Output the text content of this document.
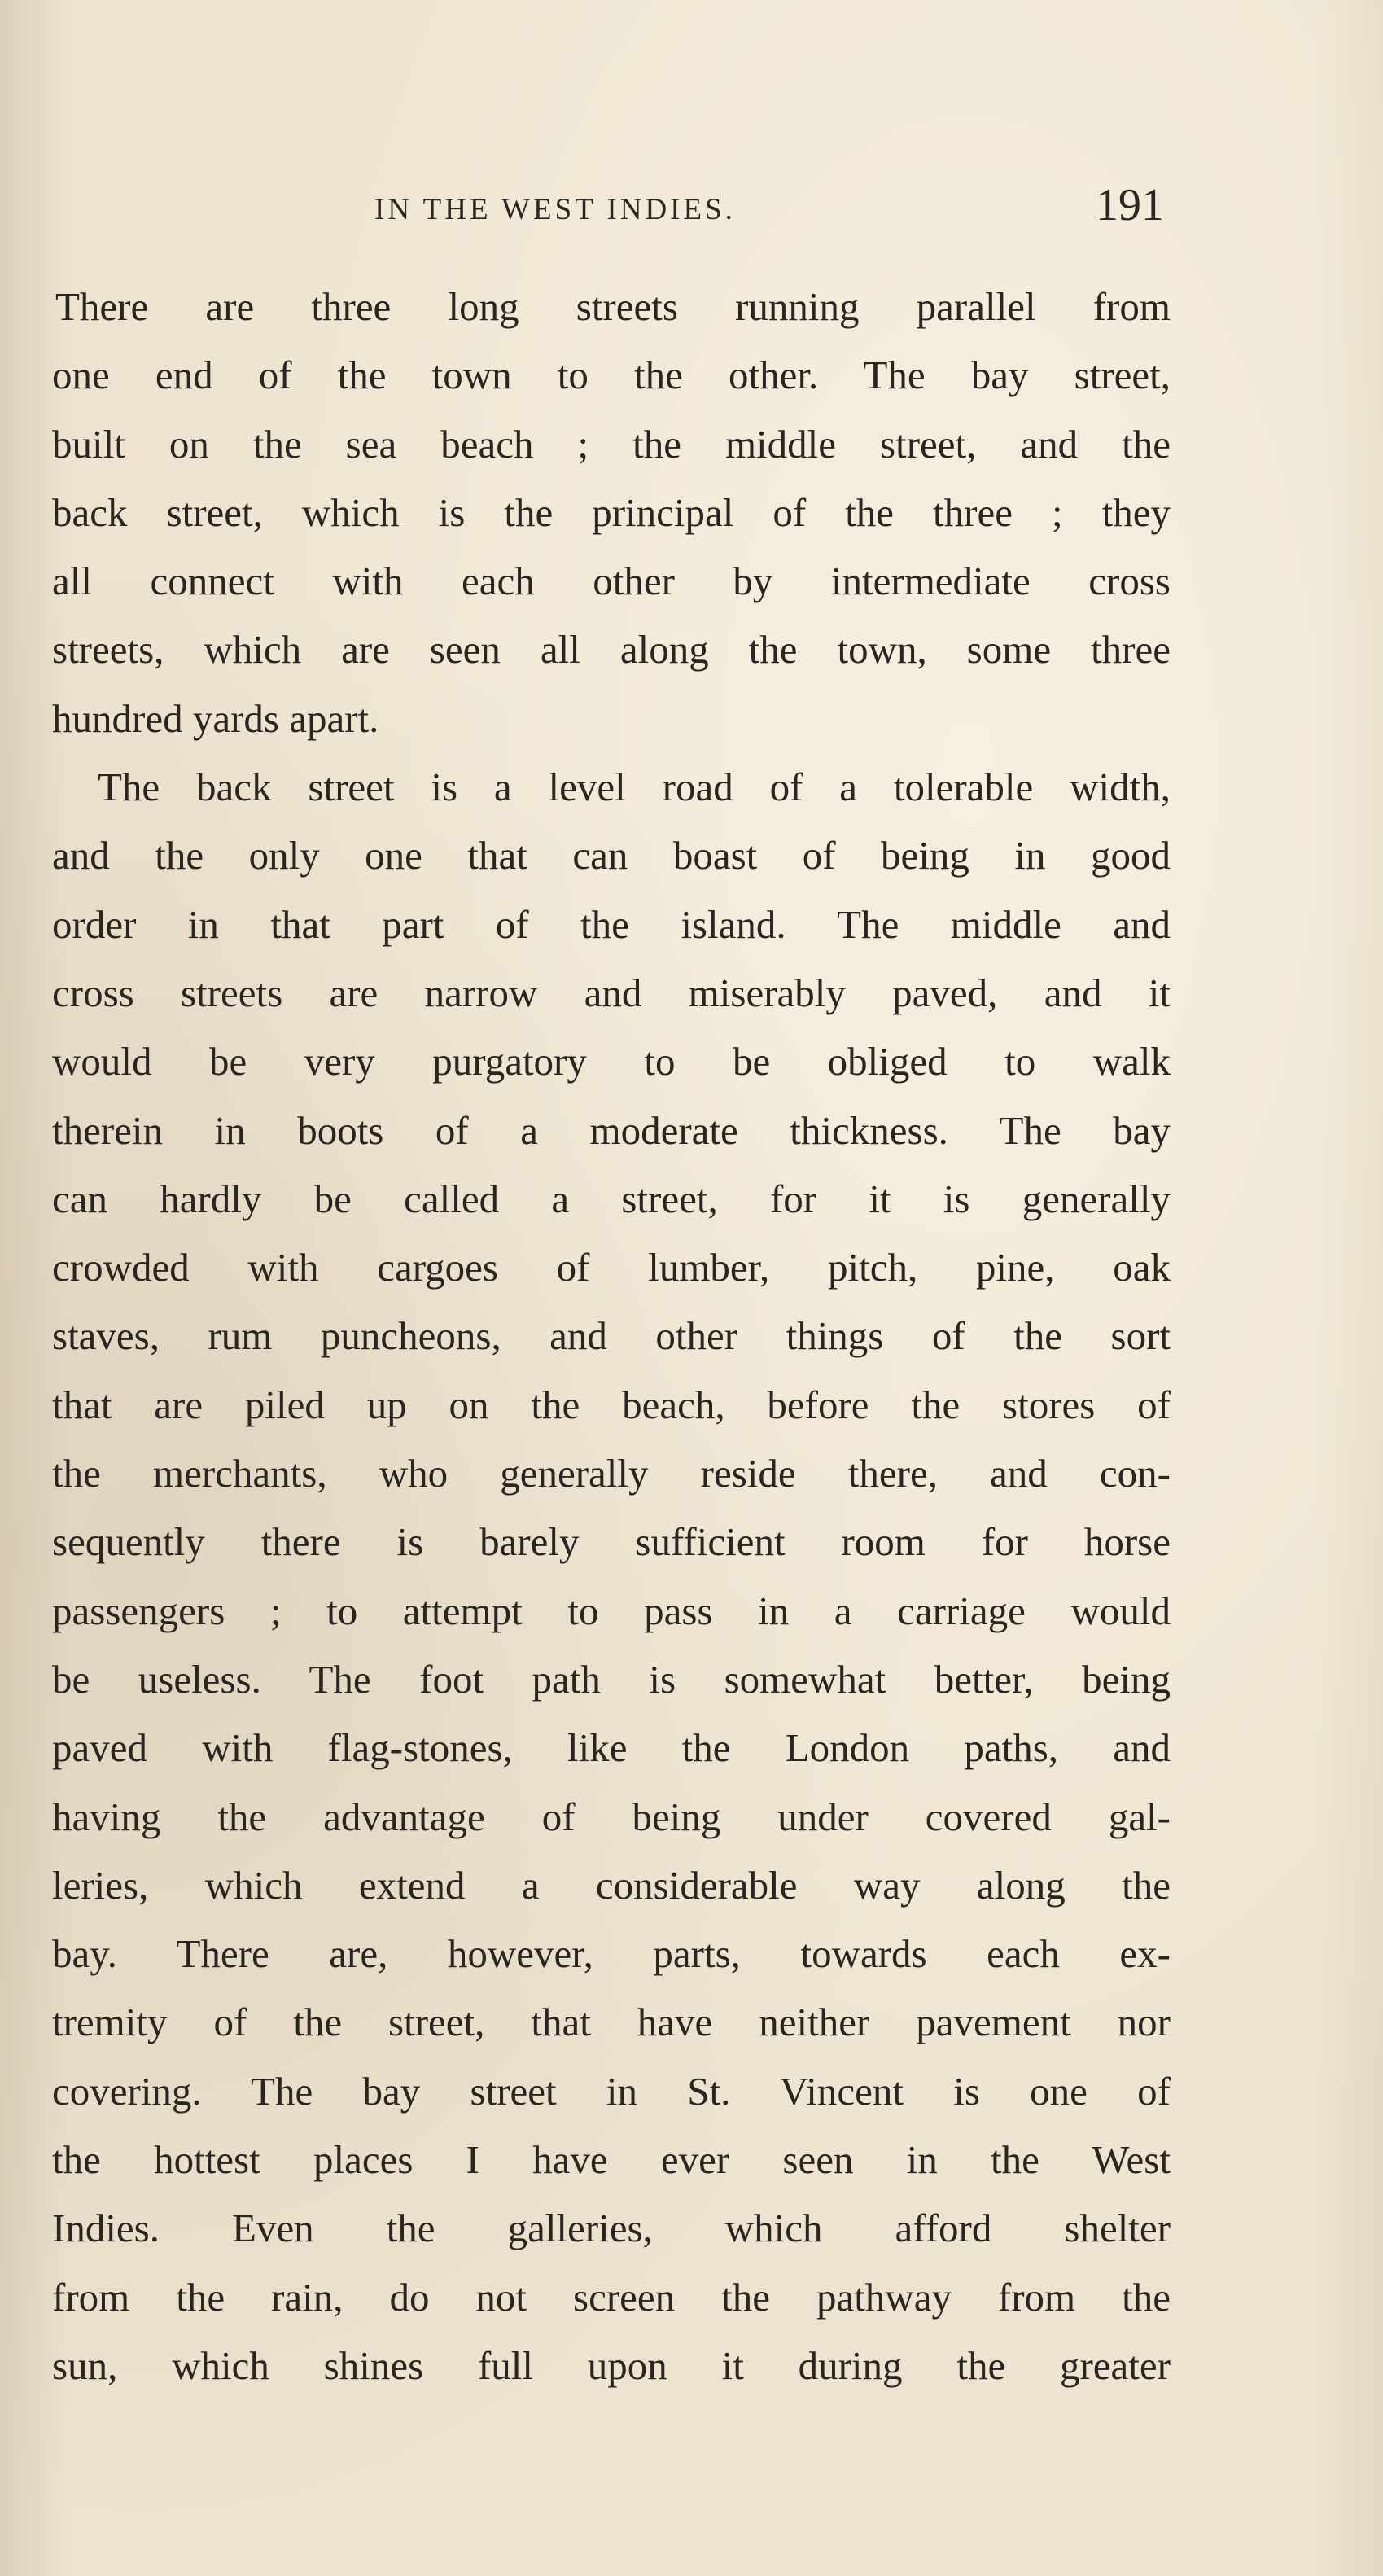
IN THE WEST INDIES.	191
There are three long streets running parallel from
one end of the town to the other. The bay street,
built on the sea beach ; the middle street, and the
back street, which is the principal of the three ; they
all connect with each other by intermediate cross
streets, which are seen all along the town, some three
hundred yards apart.
The back street is a level road of a tolerable width,
and the only one that can boast of being in good
order in that part of the island. The middle and
cross streets are narrow and miserably paved, and it
would be very purgatory to be obliged to walk
therein in boots of a moderate thickness. The bay
can hardly be called a street, for it is generally
crowded with cargoes of lumber, pitch, pine, oak
staves, rum puncheons, and other things of the sort
that are piled up on the beach, before the stores of
the merchants, who generally reside there, and con-
sequently there is barely sufficient room for horse
passengers ; to attempt to pass in a carriage would
be useless. The foot path is somewhat better, being
paved with flag-stones, like the London paths, and
having the advantage of being under covered gal-
leries, which extend a considerable way along the
bay. There are, however, parts, towards each ex-
tremity of the street, that have neither pavement nor
covering. The bay street in St. Vincent is one of
the hottest places I have ever seen in the West
Indies. Even the galleries, which afford shelter
from the rain, do not screen the pathway from the
sun, which shines full upon it during the greater
